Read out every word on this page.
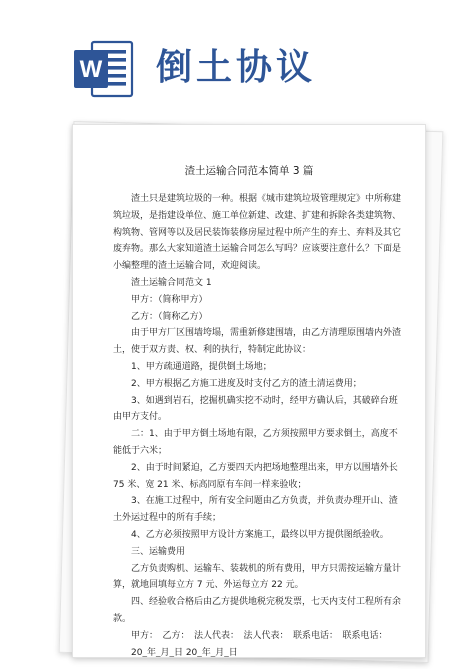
W 倒土协议
渣土运输合同范本简单 3 篇

渣土只是建筑垃圾的一种。根据《城市建筑垃圾管理规定》中所称建筑垃圾，是指建设单位、施工单位新建、改建、扩建和拆除各类建筑物、构筑物、管网等以及居民装饰装修房屋过程中所产生的弃土、弃料及其它废弃物。那么大家知道渣土运输合同怎么写吗？应该要注意什么？下面是小编整理的渣土运输合同，欢迎阅读。

渣土运输合同范文 1

甲方：（简称甲方）

乙方：（简称乙方）

由于甲方厂区围墙垮塌，需重新修建围墙，由乙方清理原围墙内外渣土，使于双方责、权、利的执行，特制定此协议：

1、甲方疏通道路，提供倒土场地；

2、甲方根据乙方施工进度及时支付乙方的渣土清运费用；

3、如遇到岩石，挖掘机确实挖不动时，经甲方确认后，其破碎台班由甲方支付。

二：1、由于甲方倒土场地有限，乙方须按照甲方要求倒土，高度不能低于六米；

2、由于时间紧迫，乙方要四天内把场地整理出来，甲方以围墙外长 75 米、宽 21 米、标高同原有车间一样来验收；

3、在施工过程中，所有安全问题由乙方负责，并负责办理开山、渣土外运过程中的所有手续；

4、乙方必须按照甲方设计方案施工，最终以甲方提供图纸验收。

三、运输费用

乙方负责购机、运输车、装载机的所有费用，甲方只需按运输方量计算，就地回填每立方 7 元、外运每立方 22 元。

四、经验收合格后由乙方提供地税完税发票，七天内支付工程所有余款。

甲方：　乙方：　法人代表：　法人代表：　联系电话：　联系电话：

20_年_月_日 20_年_月_日
